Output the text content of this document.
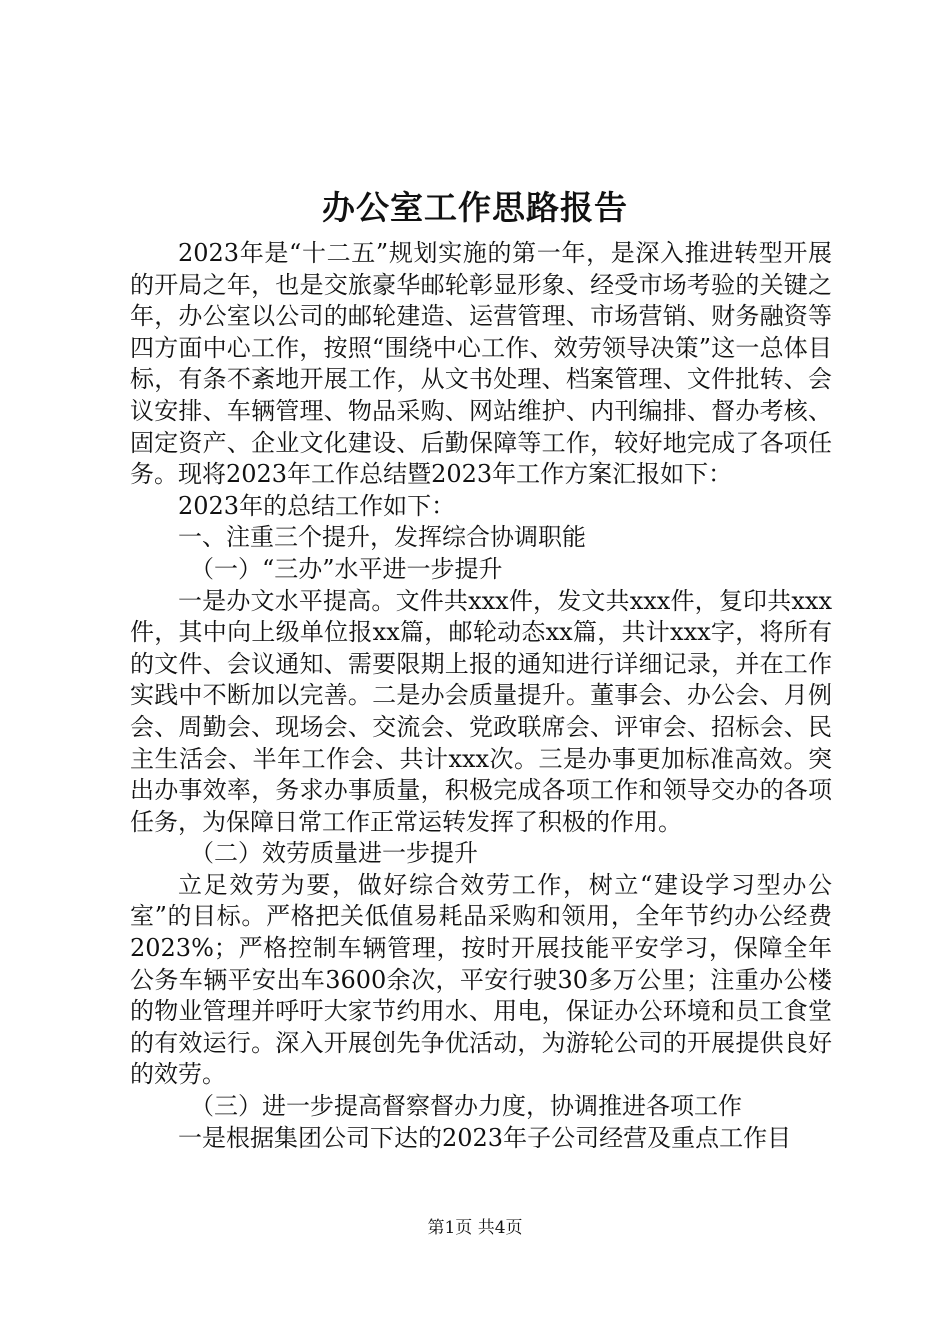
办公室工作思路报告

2023年是“十二五”规划实施的第一年，是深入推进转型开展的开局之年，也是交旅豪华邮轮彰显形象、经受市场考验的关键之年，办公室以公司的邮轮建造、运营管理、市场营销、财务融资等四方面中心工作，按照“围绕中心工作、效劳领导决策”这一总体目标，有条不紊地开展工作，从文书处理、档案管理、文件批转、会议安排、车辆管理、物品采购、网站维护、内刊编排、督办考核、固定资产、企业文化建设、后勤保障等工作，较好地完成了各项任务。现将2023年工作总结暨2023年工作方案汇报如下：

2023年的总结工作如下：

一、注重三个提升，发挥综合协调职能

（一）“三办”水平进一步提升

一是办文水平提高。文件共xxx件，发文共xxx件，复印共xxx件，其中向上级单位报xx篇，邮轮动态xx篇，共计xxx字，将所有的文件、会议通知、需要限期上报的通知进行详细记录，并在工作实践中不断加以完善。二是办会质量提升。董事会、办公会、月例会、周勤会、现场会、交流会、党政联席会、评审会、招标会、民主生活会、半年工作会、共计xxx次。三是办事更加标准高效。突出办事效率，务求办事质量，积极完成各项工作和领导交办的各项任务，为保障日常工作正常运转发挥了积极的作用。

（二）效劳质量进一步提升

立足效劳为要，做好综合效劳工作，树立“建设学习型办公室”的目标。严格把关低值易耗品采购和领用，全年节约办公经费2023%；严格控制车辆管理，按时开展技能平安学习，保障全年公务车辆平安出车3600余次，平安行驶30多万公里；注重办公楼的物业管理并呼吁大家节约用水、用电，保证办公环境和员工食堂的有效运行。深入开展创先争优活动，为游轮公司的开展提供良好的效劳。

（三）进一步提高督察督办力度，协调推进各项工作

一是根据集团公司下达的2023年子公司经营及重点工作目

第1页 共4页
